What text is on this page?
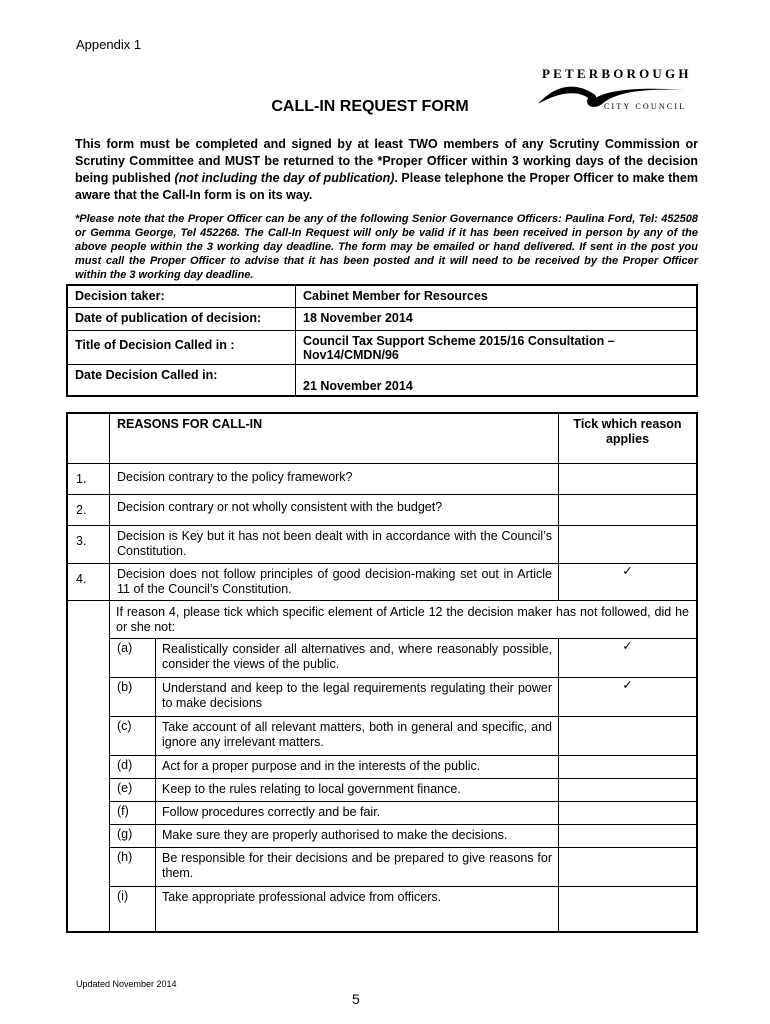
Appendix 1
PETERBOROUGH
CITY COUNCIL
CALL-IN REQUEST FORM
This form must be completed and signed by at least TWO members of any Scrutiny Commission or Scrutiny Committee and MUST be returned to the *Proper Officer within 3 working days of the decision being published (not including the day of publication). Please telephone the Proper Officer to make them aware that the Call-In form is on its way.
*Please note that the Proper Officer can be any of the following Senior Governance Officers: Paulina Ford, Tel: 452508 or Gemma George, Tel 452268. The Call-In Request will only be valid if it has been received in person by any of the above people within the 3 working day deadline. The form may be emailed or hand delivered. If sent in the post you must call the Proper Officer to advise that it has been posted and it will need to be received by the Proper Officer within the 3 working day deadline.
Decision taker:	Cabinet Member for Resources
Date of publication of decision:	18 November 2014
Title of Decision Called in :	Council Tax Support Scheme 2015/16 Consultation –
Nov14/CMDN/96

Date Decision Called in:	21 November 2014
	REASONS FOR CALL-IN	Tick which reason applies
1.	Decision contrary to the policy framework?	
2.	Decision contrary or not wholly consistent with the budget?	
3.	Decision is Key but it has not been dealt with in accordance with the Council’s Constitution.	
4.	Decision does not follow principles of good decision-making set out in Article 11 of the Council’s Constitution.	✓

If reason 4, please tick which specific element of Article 12 the decision maker has not followed, did he or she not:
(a)	Realistically consider all alternatives and, where reasonably possible, consider the views of the public.	✓
(b)	Understand and keep to the legal requirements regulating their power to make decisions	✓
(c)	Take account of all relevant matters, both in general and specific, and ignore any irrelevant matters.	
(d)	Act for a proper purpose and in the interests of the public.	
(e)	Keep to the rules relating to local government finance.	
(f)	Follow procedures correctly and be fair.	
(g)	Make sure they are properly authorised to make the decisions.	
(h)	Be responsible for their decisions and be prepared to give reasons for them.	
(i)	Take appropriate professional advice from officers.	
Updated November 2014
5
